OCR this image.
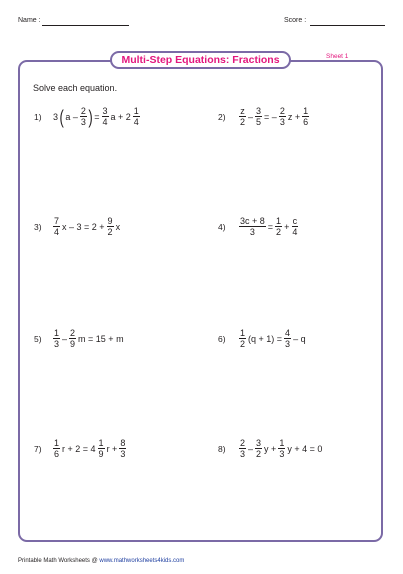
Name :	Score :
Multi-Step Equations: Fractions	Sheet 1
Solve each equation.
1) 3 ( a – $\frac{2}{3}$ ) = $\frac{3}{4}$ $a + 2 \frac{1}{4}$	$2) \frac{z}{2} - \frac{3}{5}$ = – $\frac{2}{3}$ $z + \frac{1}{6}$
$3) \frac{7}{4}$ $x - 3 = 2 + \frac{9}{2}$ x	$4) \frac{3c + 8}{3} = \frac{1}{2} + \frac{c}{4}$
$5) \frac{1}{3} - \frac{2}{9}$ m = 15 + m	$6) \frac{1}{2} (q + 1) = \frac{4}{3} - q$
$7) \frac{1}{6}$ $r + 2 = 4 \frac{1}{9}$ $r + \frac{8}{3}$	$8) \frac{2}{3} - \frac{3}{2}$ $y + \frac{1}{3}$ y + 4 = 0
Printable Math Worksheets @ www.mathworksheets4kids.com
